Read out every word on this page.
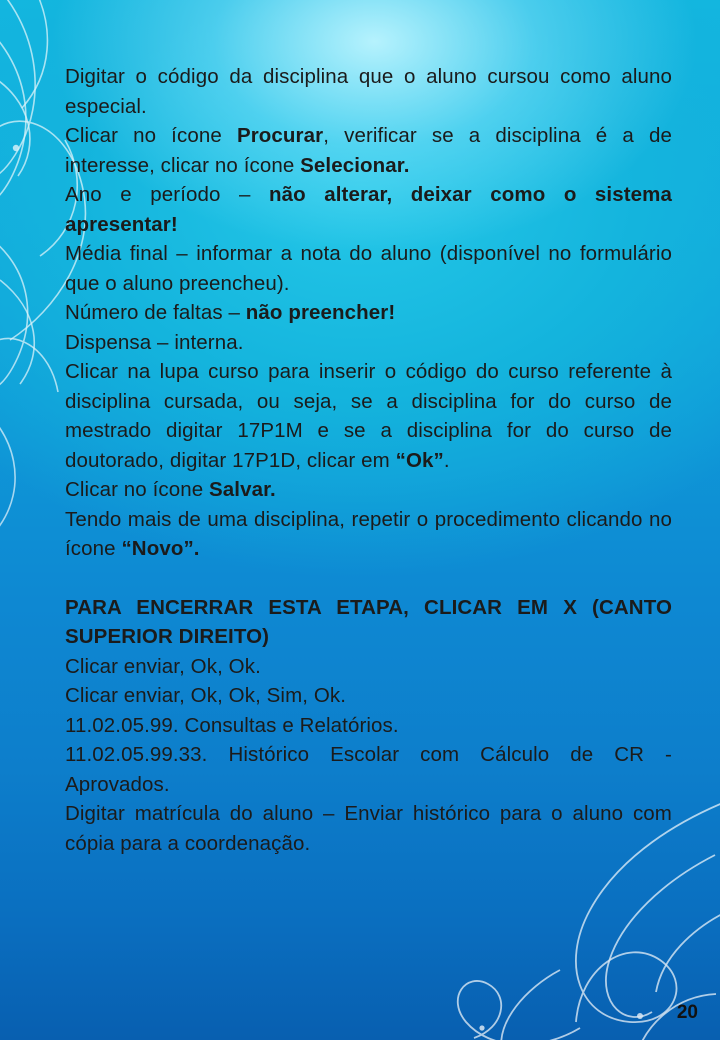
Digitar o código da disciplina que o aluno cursou como aluno especial.

Clicar no ícone Procurar, verificar se a disciplina é a de interesse, clicar no ícone Selecionar.

Ano e período – não alterar, deixar como o sistema apresentar!

Média final – informar a nota do aluno (disponível no formulário que o aluno preencheu).

Número de faltas – não preencher!

Dispensa – interna.

Clicar na lupa curso para inserir o código do curso referente à disciplina cursada, ou seja, se a disciplina for do curso de mestrado digitar 17P1M e se a disciplina for do curso de doutorado, digitar 17P1D, clicar em “Ok”.

Clicar no ícone Salvar.

Tendo mais de uma disciplina, repetir o procedimento clicando no ícone “Novo”.

PARA ENCERRAR ESTA ETAPA, CLICAR EM X (CANTO SUPERIOR DIREITO)

Clicar enviar, Ok, Ok.

Clicar enviar, Ok, Ok, Sim, Ok.

11.02.05.99. Consultas e Relatórios.

11.02.05.99.33. Histórico Escolar com Cálculo de CR - Aprovados.

Digitar matrícula do aluno – Enviar histórico para o aluno com cópia para a coordenação.

20
